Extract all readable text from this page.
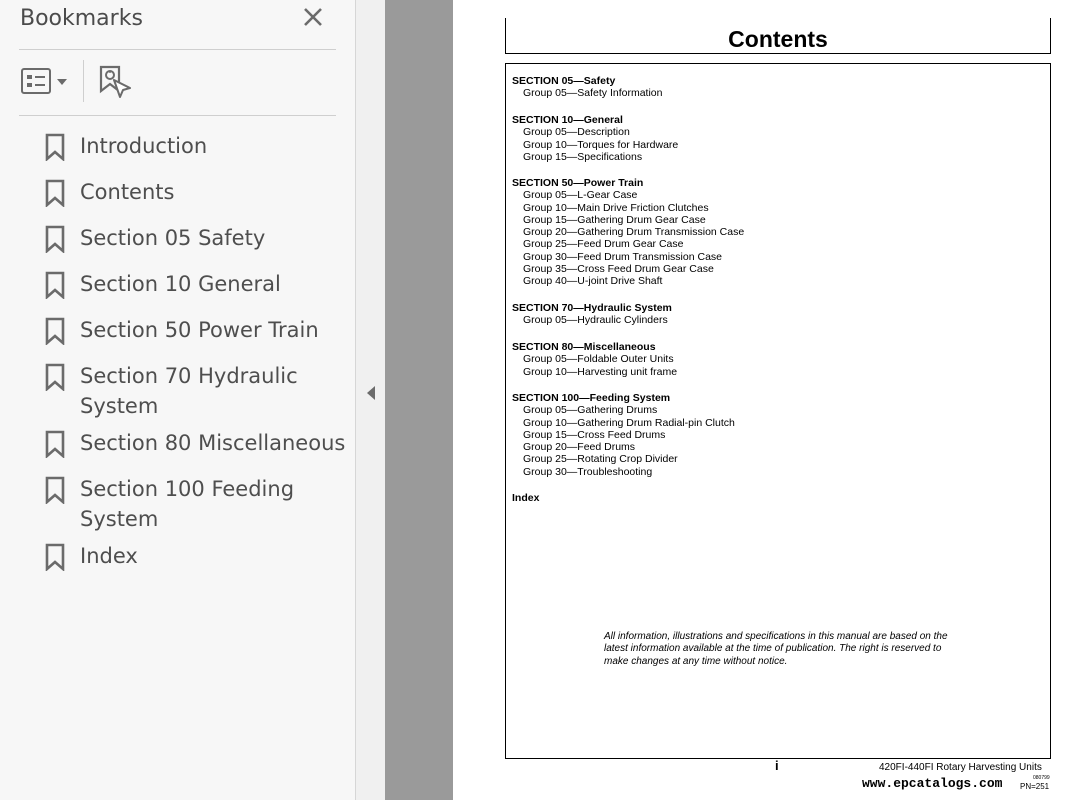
Bookmarks
Introduction
Contents
Section 05 Safety
Section 10 General
Section 50 Power Train
Section 70 Hydraulic System
Section 80 Miscellaneous
Section 100 Feeding System
Index
Contents
SECTION 05—Safety
Group 05—Safety Information
SECTION 10—General
Group 05—Description
Group 10—Torques for Hardware
Group 15—Specifications
SECTION 50—Power Train
Group 05—L-Gear Case
Group 10—Main Drive Friction Clutches
Group 15—Gathering Drum Gear Case
Group 20—Gathering Drum Transmission Case
Group 25—Feed Drum Gear Case
Group 30—Feed Drum Transmission Case
Group 35—Cross Feed Drum Gear Case
Group 40—U-joint Drive Shaft
SECTION 70—Hydraulic System
Group 05—Hydraulic Cylinders
SECTION 80—Miscellaneous
Group 05—Foldable Outer Units
Group 10—Harvesting unit frame
SECTION 100—Feeding System
Group 05—Gathering Drums
Group 10—Gathering Drum Radial-pin Clutch
Group 15—Cross Feed Drums
Group 20—Feed Drums
Group 25—Rotating Crop Divider
Group 30—Troubleshooting
Index
All information, illustrations and specifications in this manual are based on the latest information available at the time of publication. The right is reserved to make changes at any time without notice.
i	420FI-440FI Rotary Harvesting Units
080799
PN=251
www.epcatalogs.com
